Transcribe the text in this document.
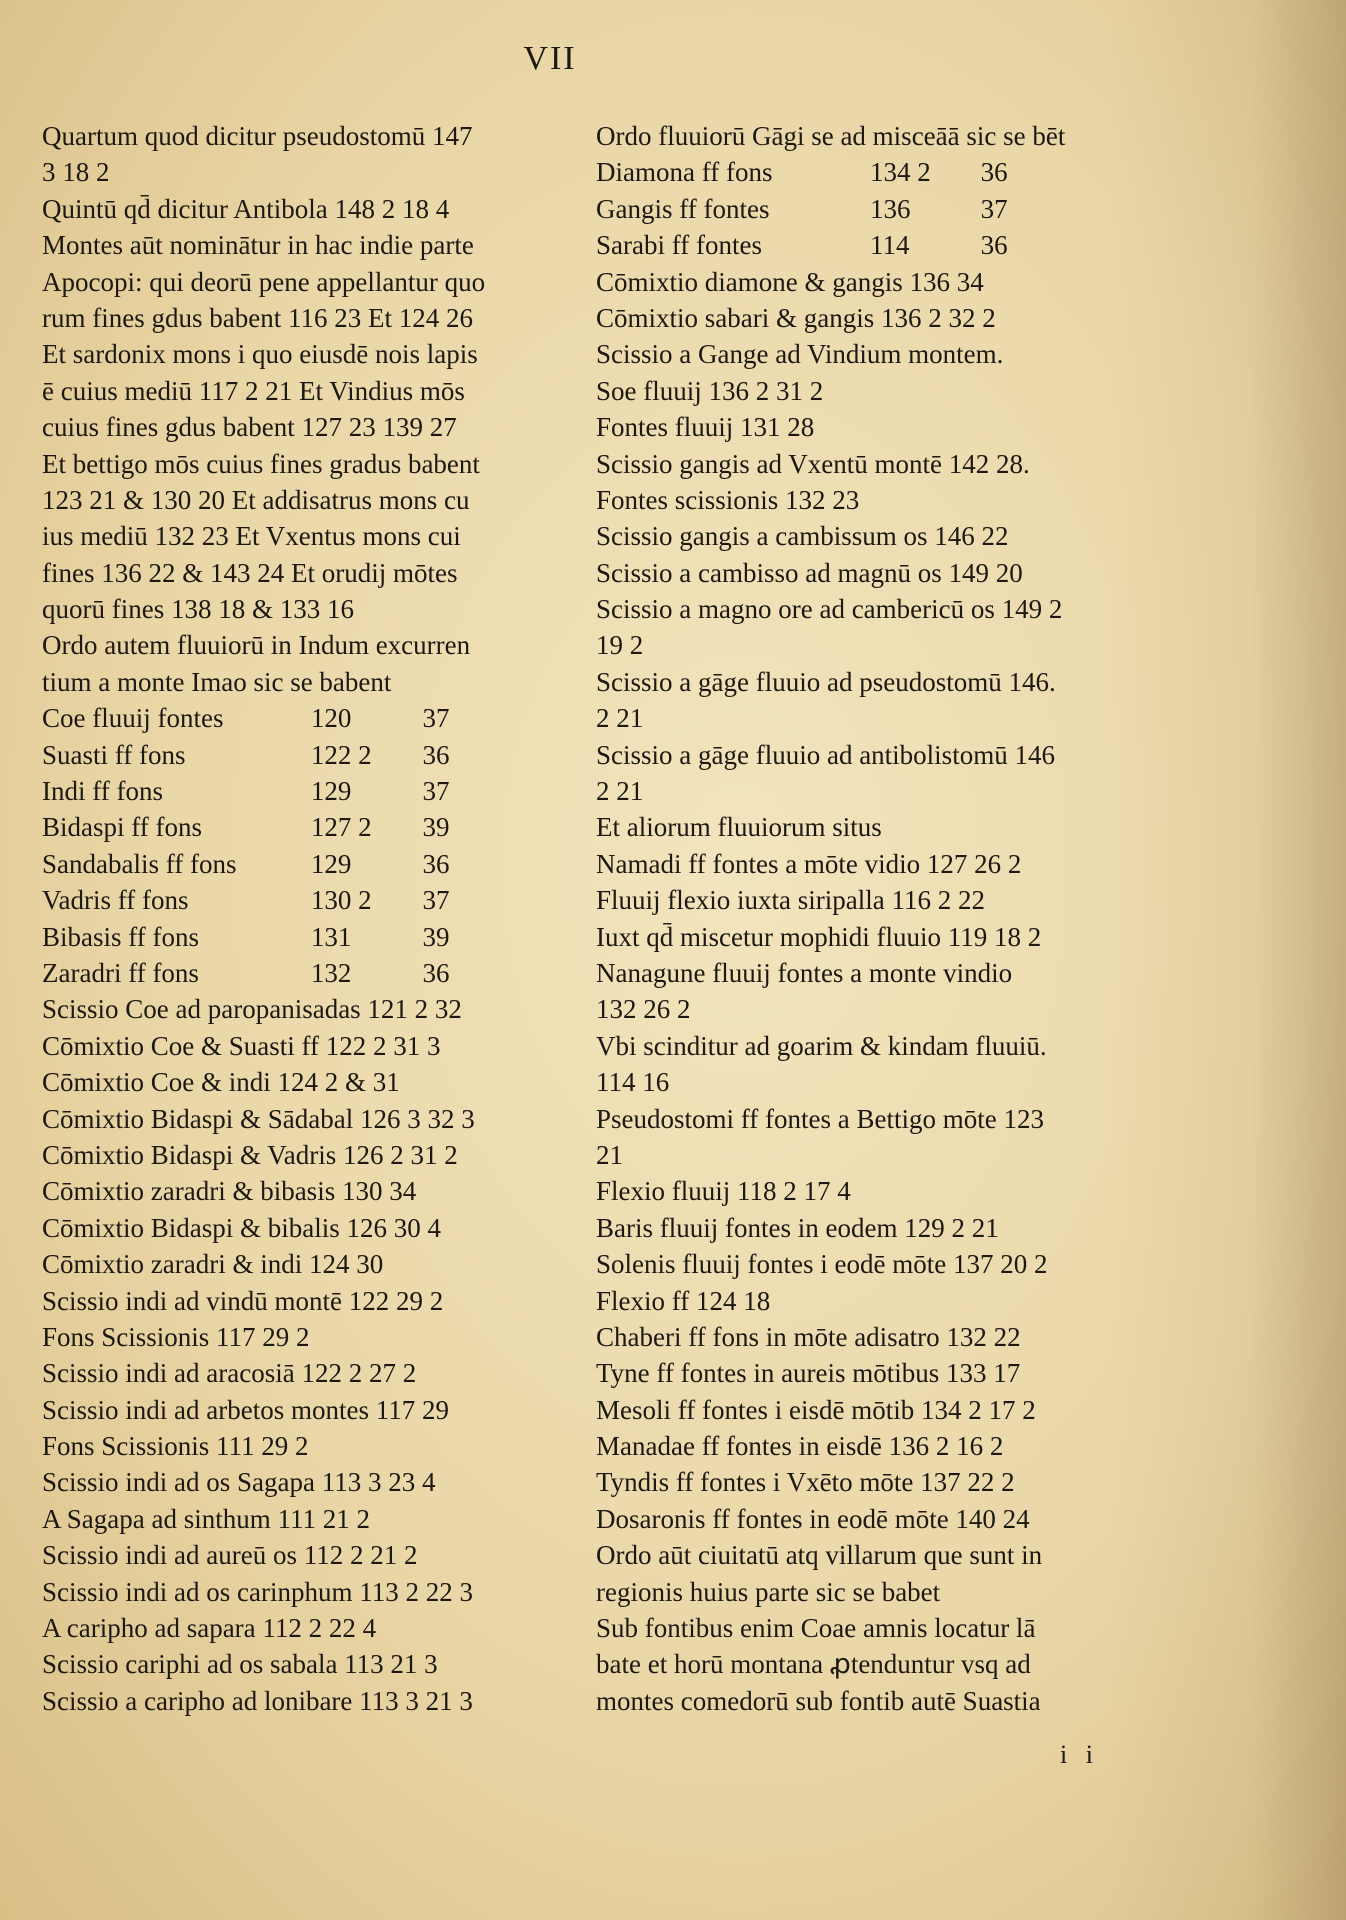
VII
Quartum quod dicitur pseudostomū 147
3 18 2
Quintū qd̄ dicitur Antibola 148 2 18 4
Montes aūt nominātur in hac indie parte
Apocopi: qui deorū pene appellantur quo
rum fines gdus babent 116 23 Et 124 26
Et sardonix mons i quo eiusdē nois lapis
ē cuius mediū 117 2 21 Et Vindius mōs
cuius fines gdus babent 127 23 139 27
Et bettigo mōs cuius fines gradus babent
123 21 & 130 20 Et addisatrus mons cu
ius mediū 132 23 Et Vxentus mons cui
fines 136 22 & 143 24 Et orudij mōtes
quorū fines 138 18 & 133 16
Ordo autem fluuiorū in Indum excurren
tium a monte Imao sic se babent
Coe fluuij fontes	120	37
Suasti ff fons	122 2	36
Indi ff fons	129	37
Bidaspi ff fons	127 2	39
Sandabalis ff fons	129	36
Vadris ff fons	130 2	37
Bibasis ff fons	131	39
Zaradri ff fons	132	36
Scissio Coe ad paropanisadas 121 2 32
Cōmixtio Coe & Suasti ff 122 2 31 3
Cōmixtio Coe & indi 124 2 & 31
Cōmixtio Bidaspi & Sādabal 126 3 32 3
Cōmixtio Bidaspi & Vadris 126 2 31 2
Cōmixtio zaradri & bibasis 130 34
Cōmixtio Bidaspi & bibalis 126 30 4
Cōmixtio zaradri & indi 124 30
Scissio indi ad vindū montē 122 29 2
Fons Scissionis 117 29 2
Scissio indi ad aracosiā 122 2 27 2
Scissio indi ad arbetos montes 117 29
Fons Scissionis 111 29 2
Scissio indi ad os Sagapa 113 3 23 4
A Sagapa ad sinthum 111 21 2
Scissio indi ad aureū os 112 2 21 2
Scissio indi ad os carinphum 113 2 22 3
A caripho ad sapara 112 2 22 4
Scissio cariphi ad os sabala 113 21 3
Scissio a caripho ad lonibare 113 3 21 3
Ordo fluuiorū Gāgi se ad misceāā sic se bēt
Diamona ff fons	134 2	36
Gangis ff fontes	136	37
Sarabi ff fontes	114	36
Cōmixtio diamone & gangis 136 34
Cōmixtio sabari & gangis 136 2 32 2
Scissio a Gange ad Vindium montem.
Soe fluuij 136 2 31 2
Fontes fluuij 131 28
Scissio gangis ad Vxentū montē 142 28.
Fontes scissionis 132 23
Scissio gangis a cambissum os 146 22
Scissio a cambisso ad magnū os 149 20
Scissio a magno ore ad cambericū os 149 2
19 2
Scissio a gāge fluuio ad pseudostomū 146.
2 21
Scissio a gāge fluuio ad antibolistomū 146
2 21
Et aliorum fluuiorum situs
Namadi ff fontes a mōte vidio 127 26 2
Fluuij flexio iuxta siripalla 116 2 22
Iuxt qd̄ miscetur mophidi fluuio 119 18 2
Nanagune fluuij fontes a monte vindio
132 26 2
Vbi scinditur ad goarim & kindam fluuiū.
114 16
Pseudostomi ff fontes a Bettigo mōte 123
21
Flexio fluuij 118 2 17 4
Baris fluuij fontes in eodem 129 2 21
Solenis fluuij fontes i eodē mōte 137 20 2
Flexio ff 124 18
Chaberi ff fons in mōte adisatro 132 22
Tyne ff fontes in aureis mōtibus 133 17
Mesoli ff fontes i eisdē mōtib 134 2 17 2
Manadae ff fontes in eisdē 136 2 16 2
Tyndis ff fontes i Vxēto mōte 137 22 2
Dosaronis ff fontes in eodē mōte 140 24
Ordo aūt ciuitatū atq villarum que sunt in
regionis huius parte sic se babet
Sub fontibus enim Coae amnis locatur lā
bate et horū montana ꝓtenduntur vsq ad
montes comedorū sub fontib autē Suastia
i i
